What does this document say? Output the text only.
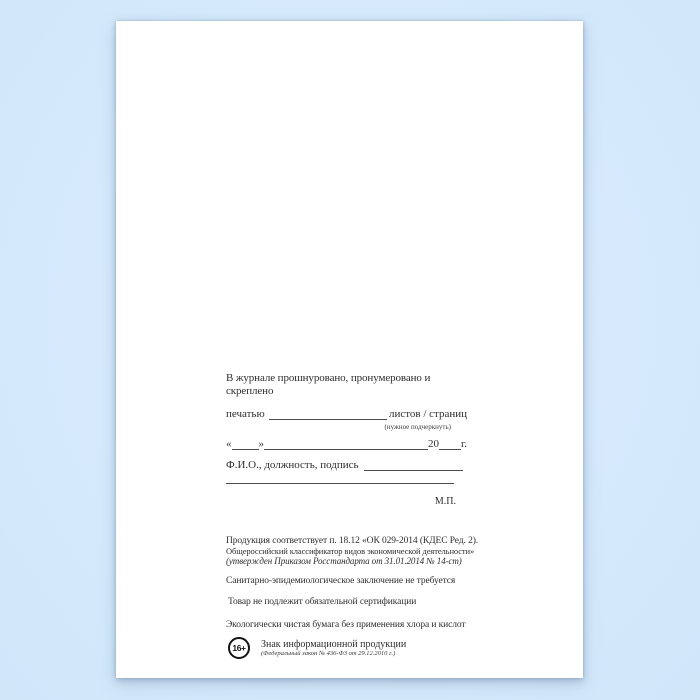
В журнале прошнуровано, пронумеровано и скреплено
печатью	листов / страниц
(нужное подчеркнуть)
« »	20 г.
Ф.И.О., должность, подпись
М.П.
Продукция соответствует п. 18.12 «ОК 029-2014 (КДЕС Ред. 2).
Общероссийский классификатор видов экономической деятельности»
(утвержден Приказом Росстандарта от 31.01.2014 № 14-ст)
Санитарно-эпидемиологическое заключение не требуется
Товар не подлежит обязательной сертификации
Экологически чистая бумага без применения хлора и кислот
16+	Знак информационной продукции
(Федеральный закон № 436-ФЗ от 29.12.2010 г.)
